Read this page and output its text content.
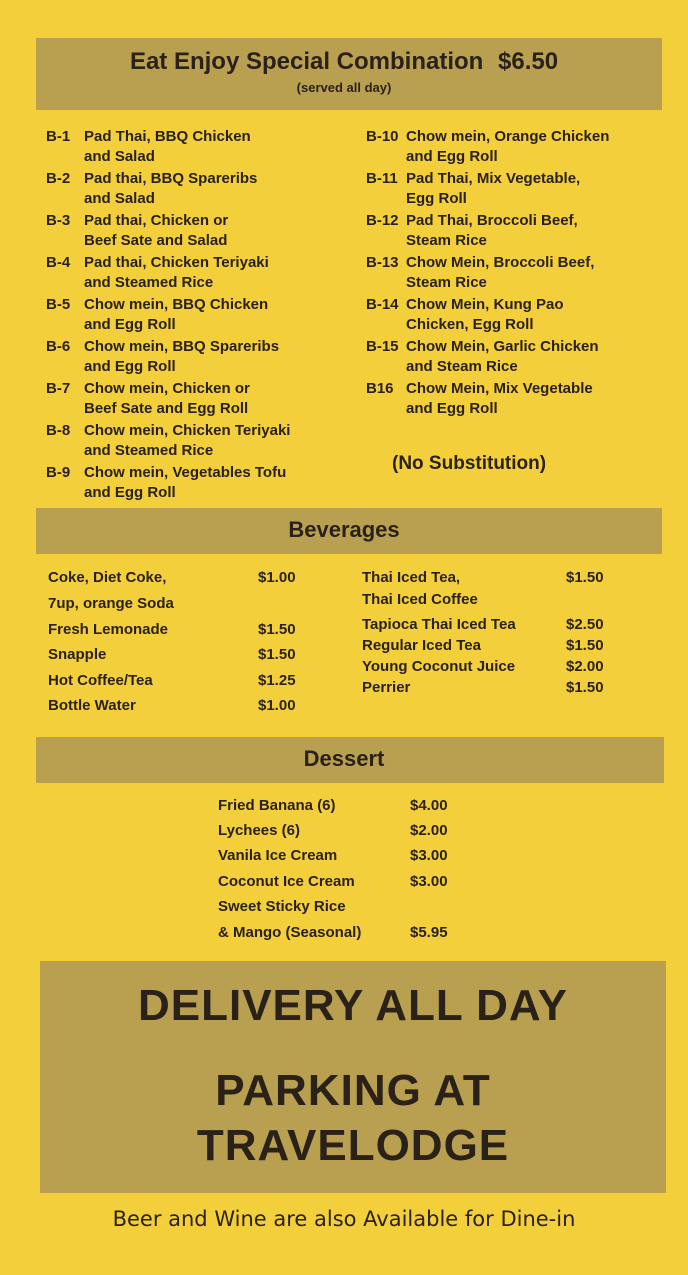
Eat Enjoy Special Combination $6.50
(served all day)
B-1 Pad Thai, BBQ Chicken
and Salad
B-2 Pad thai, BBQ Spareribs
and Salad
B-3 Pad thai, Chicken or
Beef Sate and Salad
B-4 Pad thai, Chicken Teriyaki
and Steamed Rice
B-5 Chow mein, BBQ Chicken
and Egg Roll
B-6 Chow mein, BBQ Spareribs
and Egg Roll
B-7 Chow mein, Chicken or
Beef Sate and Egg Roll
B-8 Chow mein, Chicken Teriyaki
and Steamed Rice
B-9 Chow mein, Vegetables Tofu
and Egg Roll
B-10 Chow mein, Orange Chicken
and Egg Roll
B-11 Pad Thai, Mix Vegetable,
Egg Roll
B-12 Pad Thai, Broccoli Beef,
Steam Rice
B-13 Chow Mein, Broccoli Beef,
Steam Rice
B-14 Chow Mein, Kung Pao
Chicken, Egg Roll
B-15 Chow Mein, Garlic Chicken
and Steam Rice
B16 Chow Mein, Mix Vegetable
and Egg Roll
(No Substitution)
Beverages
Coke, Diet Coke,	$1.00
7up, orange Soda
Fresh Lemonade	$1.50
Snapple	$1.50
Hot Coffee/Tea	$1.25
Bottle Water	$1.00
Thai Iced Tea,	$1.50
Thai Iced Coffee
Tapioca Thai Iced Tea	$2.50
Regular Iced Tea	$1.50
Young Coconut Juice	$2.00
Perrier	$1.50
Dessert
Fried Banana (6)	$4.00
Lychees (6)	$2.00
Vanila Ice Cream	$3.00
Coconut Ice Cream	$3.00
Sweet Sticky Rice
& Mango (Seasonal)	$5.95
DELIVERY ALL DAY
PARKING AT
TRAVELODGE
Beer and Wine are also Available for Dine-in
